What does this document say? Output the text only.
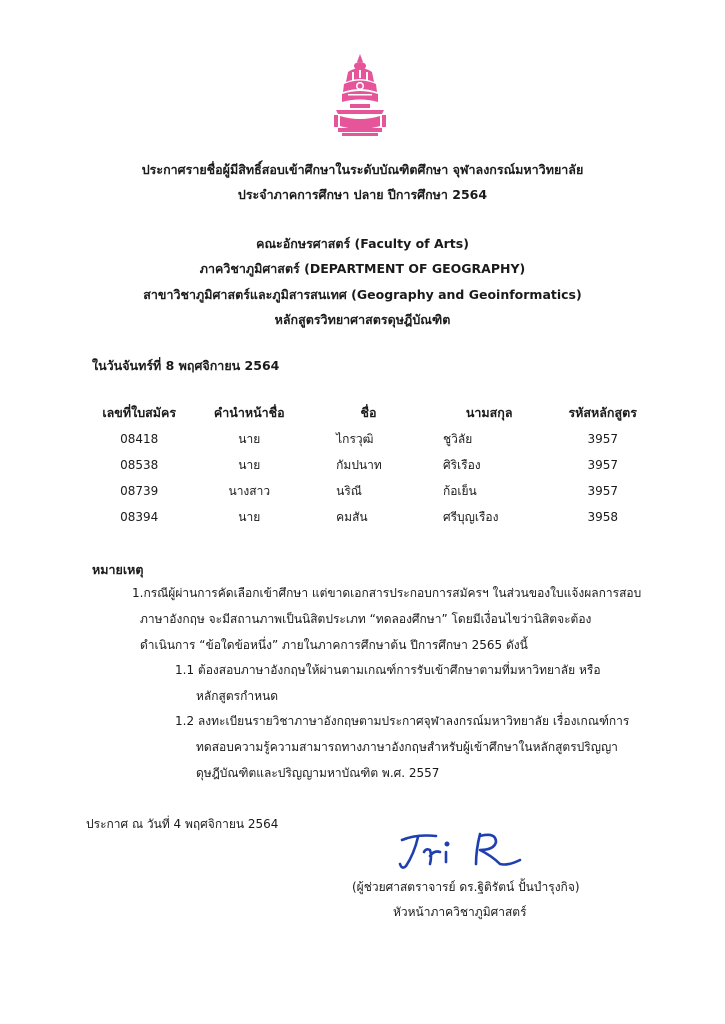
ประกาศรายชื่อผู้มีสิทธิ์สอบเข้าศึกษาในระดับบัณฑิตศึกษา จุฬาลงกรณ์มหาวิทยาลัย
ประจำภาคการศึกษา ปลาย ปีการศึกษา 2564
คณะอักษรศาสตร์ (Faculty of Arts)
ภาควิชาภูมิศาสตร์ (DEPARTMENT OF GEOGRAPHY)
สาขาวิชาภูมิศาสตร์และภูมิสารสนเทศ (Geography and Geoinformatics)
หลักสูตรวิทยาศาสตรดุษฎีบัณฑิต
ในวันจันทร์ที่ 8 พฤศจิกายน 2564
เลขที่ใบสมัคร	คำนำหน้าชื่อ	ชื่อ	นามสกุล	รหัสหลักสูตร
08418	นาย	ไกรวุฒิ	ชูวิลัย	3957
08538	นาย	กัมปนาท	ศิริเรือง	3957
08739	นางสาว	นริณี	ก้อเย็น	3957
08394	นาย	คมสัน	ศรีบุญเรือง	3958
หมายเหตุ
1.กรณีผู้ผ่านการคัดเลือกเข้าศึกษา แต่ขาดเอกสารประกอบการสมัครฯ ในส่วนของใบแจ้งผลการสอบ
ภาษาอังกฤษ จะมีสถานภาพเป็นนิสิตประเภท “ทดลองศึกษา” โดยมีเงื่อนไขว่านิสิตจะต้อง
ดำเนินการ “ข้อใดข้อหนึ่ง” ภายในภาคการศึกษาต้น ปีการศึกษา 2565 ดังนี้
1.1 ต้องสอบภาษาอังกฤษให้ผ่านตามเกณฑ์การรับเข้าศึกษาตามที่มหาวิทยาลัย หรือ
หลักสูตรกำหนด
1.2 ลงทะเบียนรายวิชาภาษาอังกฤษตามประกาศจุฬาลงกรณ์มหาวิทยาลัย เรื่องเกณฑ์การ
ทดสอบความรู้ความสามารถทางภาษาอังกฤษสำหรับผู้เข้าศึกษาในหลักสูตรปริญญา
ดุษฎีบัณฑิตและปริญญามหาบัณฑิต พ.ศ. 2557
ประกาศ ณ วันที่ 4 พฤศจิกายน 2564
(ผู้ช่วยศาสตราจารย์ ดร.ฐิติรัตน์ ปั้นบำรุงกิจ)
หัวหน้าภาควิชาภูมิศาสตร์
